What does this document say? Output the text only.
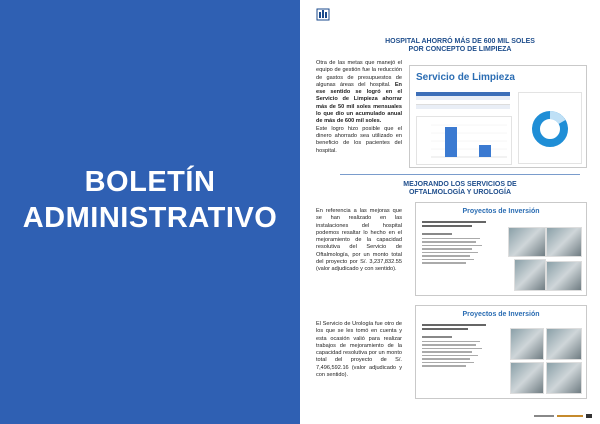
BOLETÍN
ADMINISTRATIVO
HOSPITAL AHORRÓ MÁS DE 600 MIL SOLES
POR CONCEPTO DE LIMPIEZA
Otra de las metas que manejó el equipo de gestión fue la reducción de gastos de presupuestos de algunas áreas del hospital. En ese sentido se logró en el Servicio de Limpieza ahorrar más de 50 mil soles mensuales lo que dio un acumulado anual de más de 600 mil soles.
Este logro hizo posible que el dinero ahorrado sea utilizado en beneficio de los pacientes del hospital.
Servicio de Limpieza
MEJORANDO LOS SERVICIOS DE
OFTALMOLOGÍA Y UROLOGÍA
En referencia a las mejoras que se han realizado en las instalaciones del hospital podemos resaltar lo hecho en el mejoramiento de la capacidad resolutiva del Servicio de Oftalmología, por un monto total del proyecto por S/. 3,237,832.55 (valor adjudicado y con sentido).
Proyectos de Inversión
El Servicio de Urología fue otro de los que se les tomó en cuenta y esta ocasión valió para realizar trabajos de mejoramiento de la capacidad resolutiva por un monto total del proyecto de S/. 7,496,592.16 (valor adjudicado y con sentido).
Proyectos de Inversión
